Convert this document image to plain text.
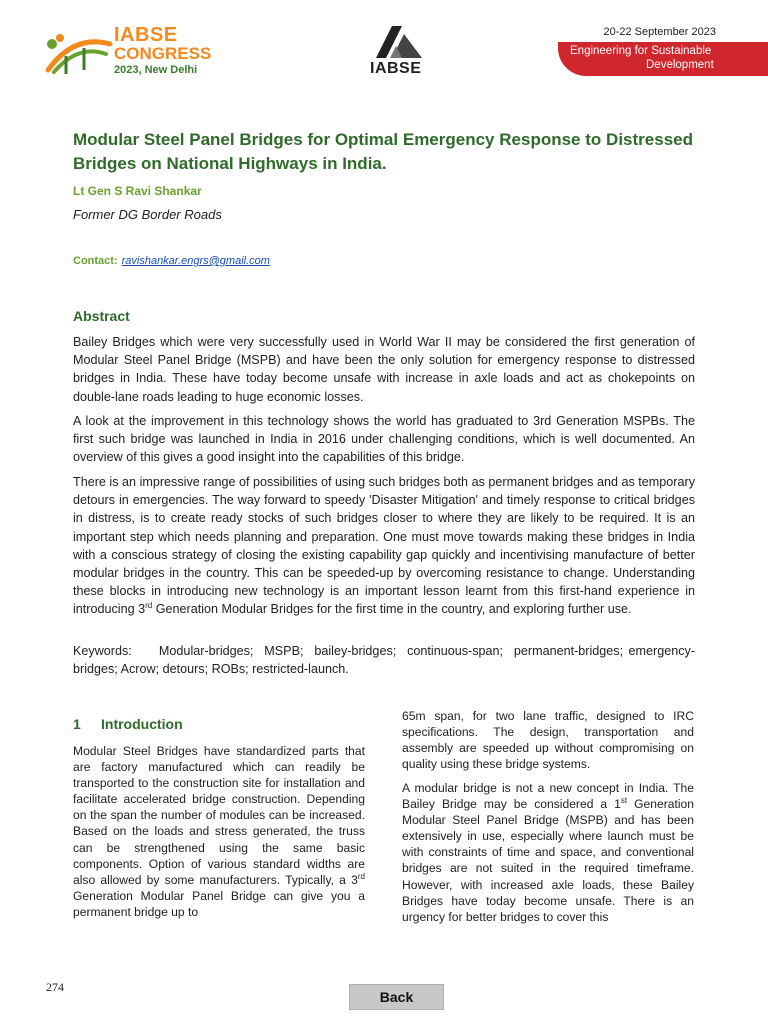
IABSE
CONGRESS
2023, New Delhi	IABSE
20-22 September 2023
Engineering for Sustainable
Development
Modular Steel Panel Bridges for Optimal Emergency Response to Distressed Bridges on National Highways in India.
Lt Gen S Ravi Shankar
Former DG Border Roads
Contact: ravishankar.engrs@gmail.com
Abstract

Bailey Bridges which were very successfully used in World War II may be considered the first generation of Modular Steel Panel Bridge (MSPB) and have been the only solution for emergency response to distressed bridges in India. These have today become unsafe with increase in axle loads and act as chokepoints on double-lane roads leading to huge economic losses.

A look at the improvement in this technology shows the world has graduated to 3rd Generation MSPBs. The first such bridge was launched in India in 2016 under challenging conditions, which is well documented. An overview of this gives a good insight into the capabilities of this bridge.

There is an impressive range of possibilities of using such bridges both as permanent bridges and as temporary detours in emergencies. The way forward to speedy 'Disaster Mitigation' and timely response to critical bridges in distress, is to create ready stocks of such bridges closer to where they are likely to be required. It is an important step which needs planning and preparation. One must move towards making these bridges in India with a conscious strategy of closing the existing capability gap quickly and incentivising manufacture of better modular bridges in the country. This can be speeded-up by overcoming resistance to change. Understanding these blocks in introducing new technology is an important lesson learnt from this first-hand experience in introducing 3rd Generation Modular Bridges for the first time in the country, and exploring further use.

Keywords:     Modular-bridges;  MSPB;  bailey-bridges;  continuous-span;  permanent-bridges; emergency-bridges; Acrow; detours; ROBs; restricted-launch.

1 Introduction

Modular Steel Bridges have standardized parts that are factory manufactured which can readily be transported to the construction site for installation and facilitate accelerated bridge construction. Depending on the span the number of modules can be increased. Based on the loads and stress generated, the truss can be strengthened using the same basic components. Option of various standard widths are also allowed by some manufacturers. Typically, a 3rd Generation Modular Panel Bridge can give you a permanent bridge up to

65m span, for two lane traffic, designed to IRC specifications. The design, transportation and assembly are speeded up without compromising on quality using these bridge systems.

A modular bridge is not a new concept in India. The Bailey Bridge may be considered a 1st Generation Modular Steel Panel Bridge (MSPB) and has been extensively in use, especially where launch must be with constraints of time and space, and conventional bridges are not suited in the required timeframe. However, with increased axle loads, these Bailey Bridges have today become unsafe. There is an urgency for better bridges to cover this

274
Back
